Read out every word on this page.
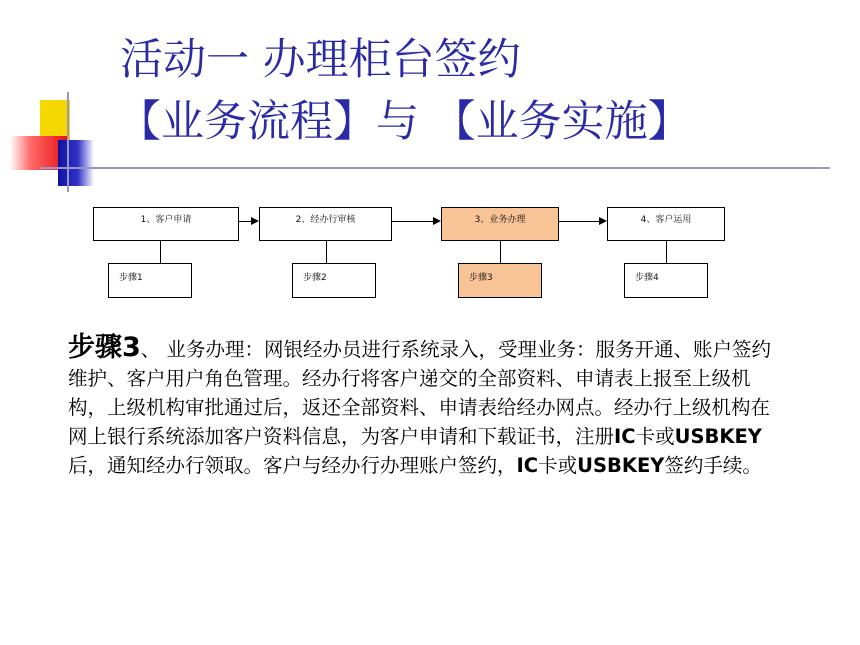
活动一 办理柜台签约
【业务流程】与 【业务实施】
1、客户申请	2、经办行审核	3、业务办理	4、客户运用
步骤1	步骤2	步骤3	步骤4
步骤3、 业务办理：网银经办员进行系统录入，受理业务：服务开通、账户签约维护、客户用户角色管理。经办行将客户递交的全部资料、申请表上报至上级机构，上级机构审批通过后，返还全部资料、申请表给经办网点。经办行上级机构在网上银行系统添加客户资料信息，为客户申请和下载证书，注册IC卡或USBKEY后，通知经办行领取。客户与经办行办理账户签约，IC卡或USBKEY签约手续。
